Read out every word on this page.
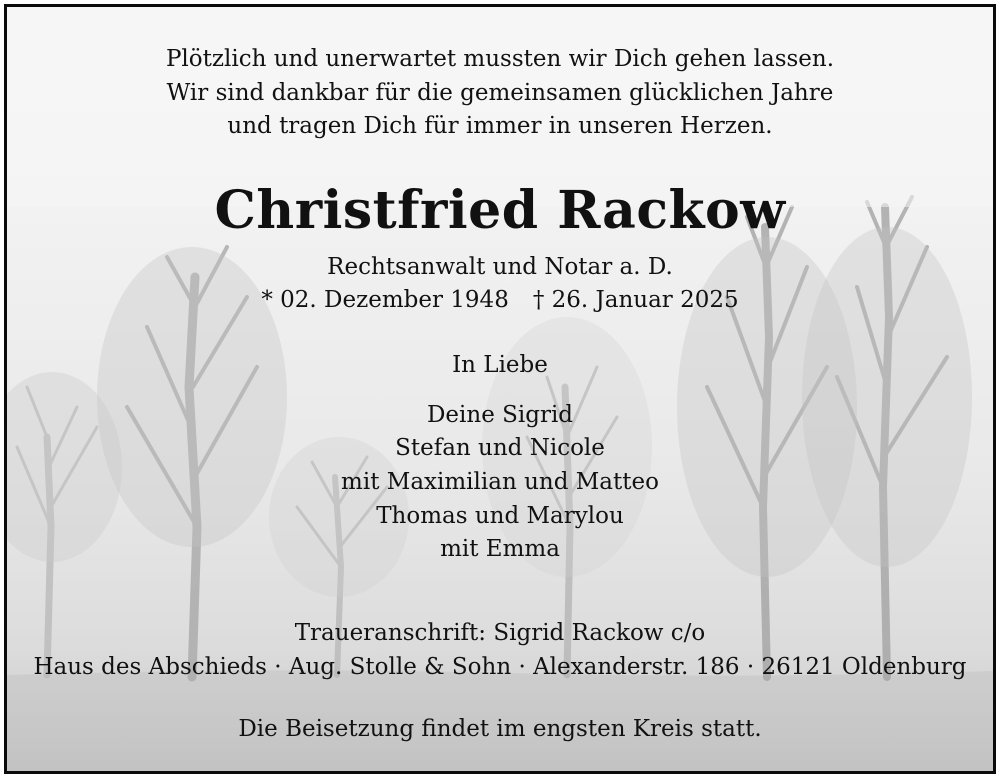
Plötzlich und unerwartet mussten wir Dich gehen lassen.
Wir sind dankbar für die gemeinsamen glücklichen Jahre
und tragen Dich für immer in unseren Herzen.
Christfried Rackow
Rechtsanwalt und Notar a. D.
* 02. Dezember 1948 † 26. Januar 2025
In Liebe
Deine Sigrid
Stefan und Nicole
mit Maximilian und Matteo
Thomas und Marylou
mit Emma
Traueranschrift: Sigrid Rackow c/o
Haus des Abschieds · Aug. Stolle & Sohn · Alexanderstr. 186 · 26121 Oldenburg
Die Beisetzung findet im engsten Kreis statt.
